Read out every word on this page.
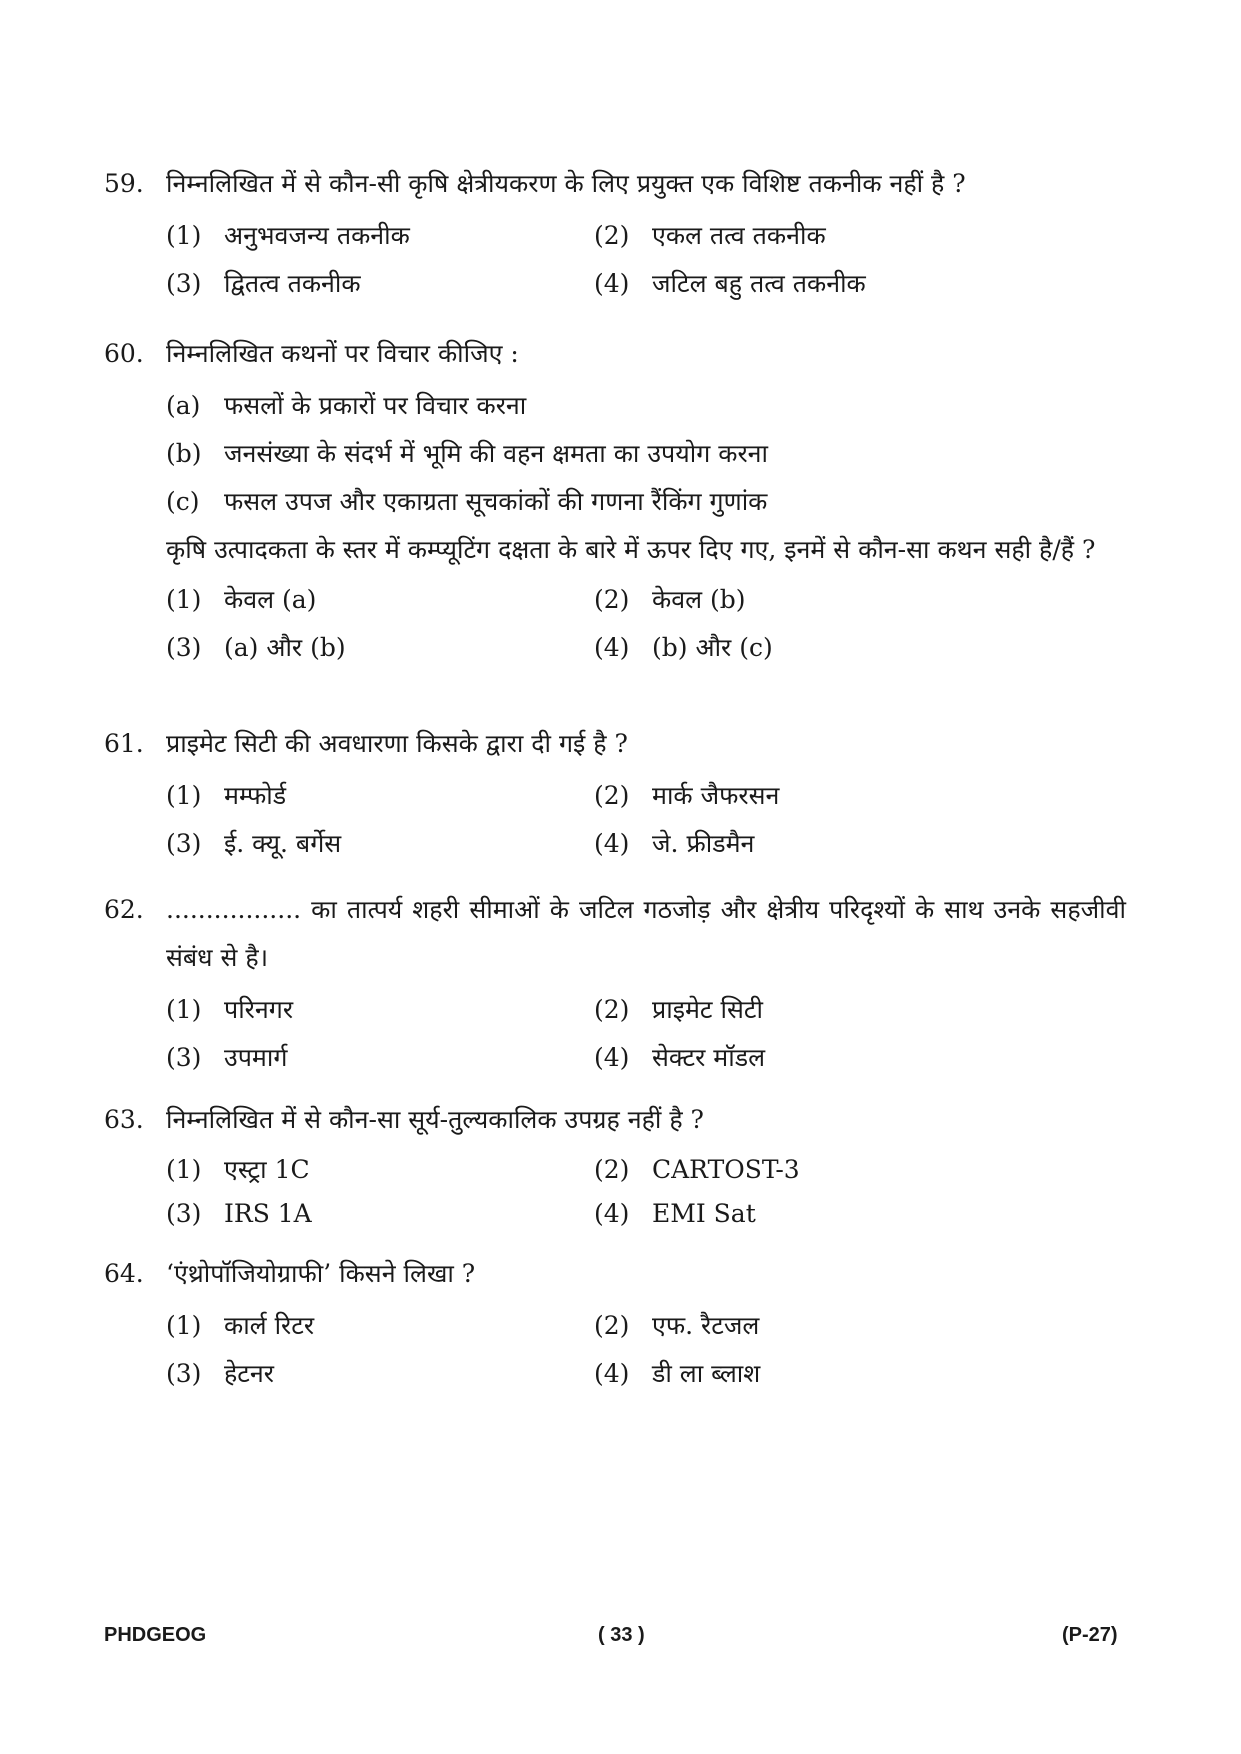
59. निम्नलिखित में से कौन-सी कृषि क्षेत्रीयकरण के लिए प्रयुक्त एक विशिष्ट तकनीक नहीं है ?
(1) अनुभवजन्य तकनीक	(2) एकल तत्व तकनीक
(3) द्वितत्व तकनीक	(4) जटिल बहु तत्व तकनीक
60. निम्नलिखित कथनों पर विचार कीजिए :
(a) फसलों के प्रकारों पर विचार करना
(b) जनसंख्या के संदर्भ में भूमि की वहन क्षमता का उपयोग करना
(c) फसल उपज और एकाग्रता सूचकांकों की गणना रैंकिंग गुणांक
कृषि उत्पादकता के स्तर में कम्प्यूटिंग दक्षता के बारे में ऊपर दिए गए, इनमें से कौन-सा कथन सही है/हैं ?
(1) केवल (a)	(2) केवल (b)
(3) (a) और (b)	(4) (b) और (c)
61. प्राइमेट सिटी की अवधारणा किसके द्वारा दी गई है ?
(1) मम्फोर्ड	(2) मार्क जैफरसन
(3) ई. क्यू. बर्गेस	(4) जे. फ्रीडमैन
62. ................. का तात्पर्य शहरी सीमाओं के जटिल गठजोड़ और क्षेत्रीय परिदृश्यों के साथ उनके सहजीवी संबंध से है।
(1) परिनगर	(2) प्राइमेट सिटी
(3) उपमार्ग	(4) सेक्टर मॉडल
63. निम्नलिखित में से कौन-सा सूर्य-तुल्यकालिक उपग्रह नहीं है ?
(1) एस्ट्रा 1C	(2) CARTOST-3
(3) IRS 1A	(4) EMI Sat
64. ‘एंथ्रोपॉजियोग्राफी’ किसने लिखा ?
(1) कार्ल रिटर	(2) एफ. रैटजल
(3) हेटनर	(4) डी ला ब्लाश
PHDGEOG	( 33 )	(P-27)
